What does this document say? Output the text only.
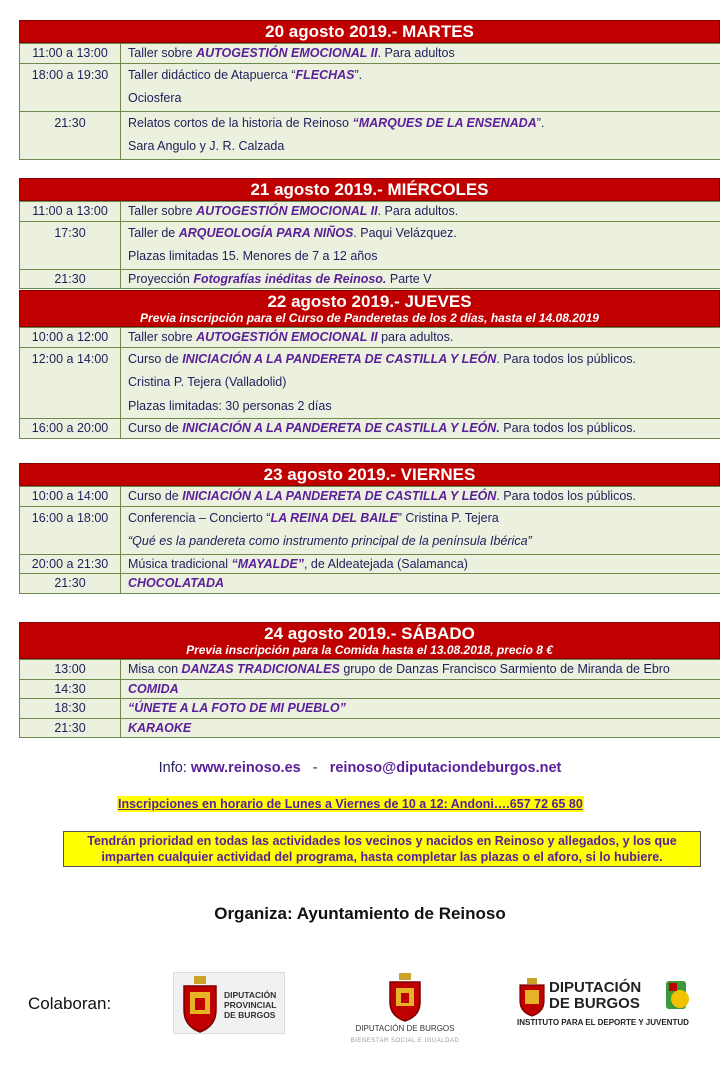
20 agosto 2019.- MARTES
11:00 a 13:00	Taller sobre AUTOGESTIÓN EMOCIONAL II. Para adultos
18:00 a 19:30	Taller didáctico de Atapuerca “FLECHAS”.
Ociosfera
21:30	Relatos cortos de la historia de Reinoso “MARQUES DE LA ENSENADA”.
Sara Angulo y J. R. Calzada
21 agosto 2019.- MIÉRCOLES
11:00 a 13:00	Taller sobre AUTOGESTIÓN EMOCIONAL II. Para adultos.
17:30	Taller de ARQUEOLOGÍA PARA NIÑOS. Paqui Velázquez.
Plazas limitadas 15. Menores de 7 a 12 años
21:30	Proyección Fotografías inéditas de Reinoso. Parte V
22 agosto 2019.- JUEVES
Previa inscripción para el Curso de Panderetas de los 2 días, hasta el 14.08.2019
10:00 a 12:00	Taller sobre AUTOGESTIÓN EMOCIONAL II para adultos.
12:00 a 14:00	Curso de INICIACIÓN A LA PANDERETA DE CASTILLA Y LEÓN. Para todos los públicos.
Cristina P. Tejera (Valladolid)
Plazas limitadas: 30 personas 2 días
16:00 a 20:00	Curso de INICIACIÓN A LA PANDERETA DE CASTILLA Y LEÓN. Para todos los públicos.
23 agosto 2019.- VIERNES
10:00 a 14:00	Curso de INICIACIÓN A LA PANDERETA DE CASTILLA Y LEÓN. Para todos los públicos.
16:00 a 18:00	Conferencia – Concierto “LA REINA DEL BAILE” Cristina P. Tejera
“Qué es la pandereta como instrumento principal de la península Ibérica”
20:00 a 21:30	Música tradicional “MAYALDE”, de Aldeatejada (Salamanca)
21:30	CHOCOLATADA
24 agosto 2019.- SÁBADO
Previa inscripción para la Comida hasta el 13.08.2018, precio 8 €
13:00	Misa con DANZAS TRADICIONALES grupo de Danzas Francisco Sarmiento de Miranda de Ebro
14:30	COMIDA
18:30	“ÚNETE A LA FOTO DE MI PUEBLO”
21:30	KARAOKE
Info: www.reinoso.es   -   reinoso@diputaciondeburgos.net
Inscripciones en horario de Lunes a Viernes de 10 a 12: Andoni….657 72 65 80
Tendrán prioridad en todas las actividades los vecinos y nacidos en Reinoso y allegados, y los que imparten cualquier actividad del programa, hasta completar las plazas o el aforo, si lo hubiere.
Organiza: Ayuntamiento de Reinoso
Colaboran:	DIPUTACIÓN PROVINCIAL DE BURGOS
DIPUTACIÓN DE BURGOS
BIENESTAR SOCIAL E IGUALDAD
DIPUTACIÓN DE BURGOS
INSTITUTO PARA EL DEPORTE Y JUVENTUD
